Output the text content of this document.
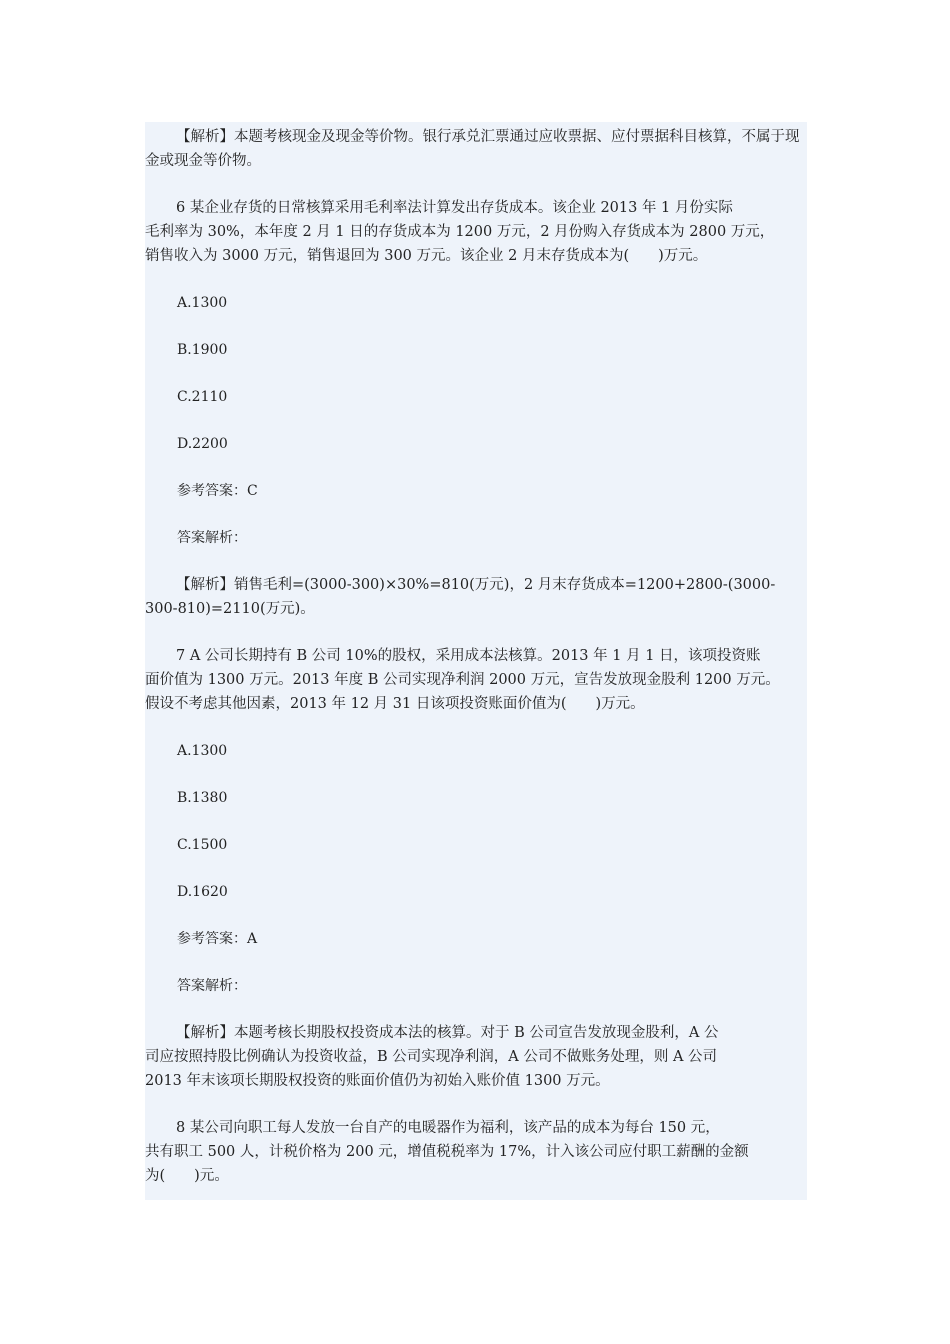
【解析】本题考核现金及现金等价物。银行承兑汇票通过应收票据、应付票据科目核算，不属于现金或现金等价物。

6 某企业存货的日常核算采用毛利率法计算发出存货成本。该企业 2013 年 1 月份实际

毛利率为 30%，本年度 2 月 1 日的存货成本为 1200 万元，2 月份购入存货成本为 2800 万元，

销售收入为 3000 万元，销售退回为 300 万元。该企业 2 月末存货成本为(　　)万元。

A.1300

B.1900

C.2110

D.2200

参考答案：C

答案解析：

【解析】销售毛利=(3000-300)×30%=810(万元)，2 月末存货成本=1200+2800-(3000-

300-810)=2110(万元)。

7 A 公司长期持有 B 公司 10%的股权，采用成本法核算。2013 年 1 月 1 日，该项投资账

面价值为 1300 万元。2013 年度 B 公司实现净利润 2000 万元，宣告发放现金股利 1200 万元。

假设不考虑其他因素，2013 年 12 月 31 日该项投资账面价值为(　　)万元。

A.1300

B.1380

C.1500

D.1620

参考答案：A

答案解析：

【解析】本题考核长期股权投资成本法的核算。对于 B 公司宣告发放现金股利，A 公

司应按照持股比例确认为投资收益，B 公司实现净利润，A 公司不做账务处理，则 A 公司

2013 年末该项长期股权投资的账面价值仍为初始入账价值 1300 万元。

8 某公司向职工每人发放一台自产的电暖器作为福利，该产品的成本为每台 150 元，

共有职工 500 人，计税价格为 200 元，增值税税率为 17%，计入该公司应付职工薪酬的金额

为(　　)元。
